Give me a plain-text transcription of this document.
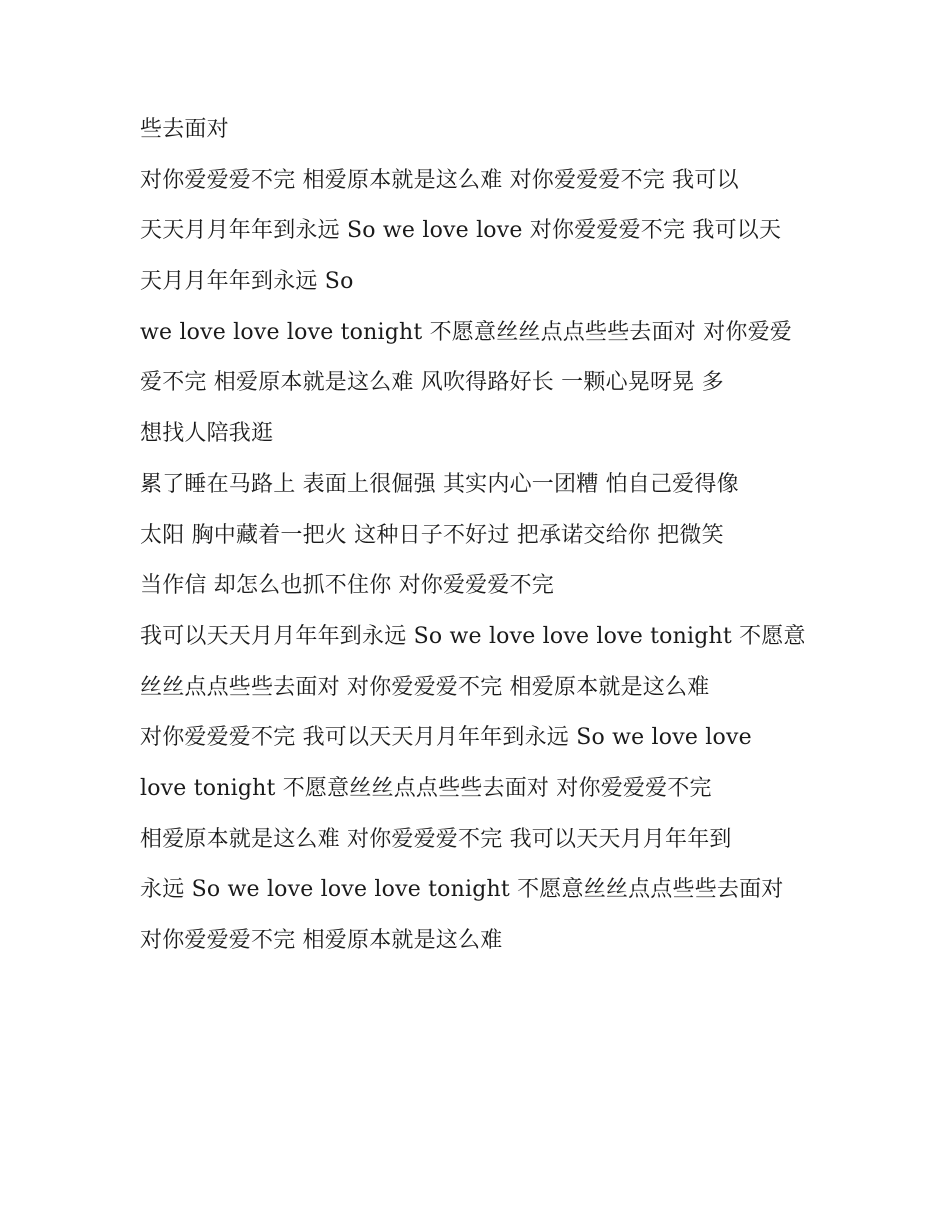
些去面对
对你爱爱爱不完 相爱原本就是这么难 对你爱爱爱不完 我可以
天天月月年年到永远 So we love love 对你爱爱爱不完 我可以天
天月月年年到永远 So
we love love love tonight 不愿意丝丝点点些些去面对 对你爱爱
爱不完 相爱原本就是这么难 风吹得路好长 一颗心晃呀晃 多
想找人陪我逛
累了睡在马路上 表面上很倔强 其实内心一团糟 怕自己爱得像
太阳 胸中藏着一把火 这种日子不好过 把承诺交给你 把微笑
当作信 却怎么也抓不住你 对你爱爱爱不完
我可以天天月月年年到永远 So we love love love tonight 不愿意
丝丝点点些些去面对 对你爱爱爱不完 相爱原本就是这么难
对你爱爱爱不完 我可以天天月月年年到永远 So we love love
love tonight 不愿意丝丝点点些些去面对 对你爱爱爱不完
相爱原本就是这么难 对你爱爱爱不完 我可以天天月月年年到
永远 So we love love love tonight 不愿意丝丝点点些些去面对
对你爱爱爱不完 相爱原本就是这么难
